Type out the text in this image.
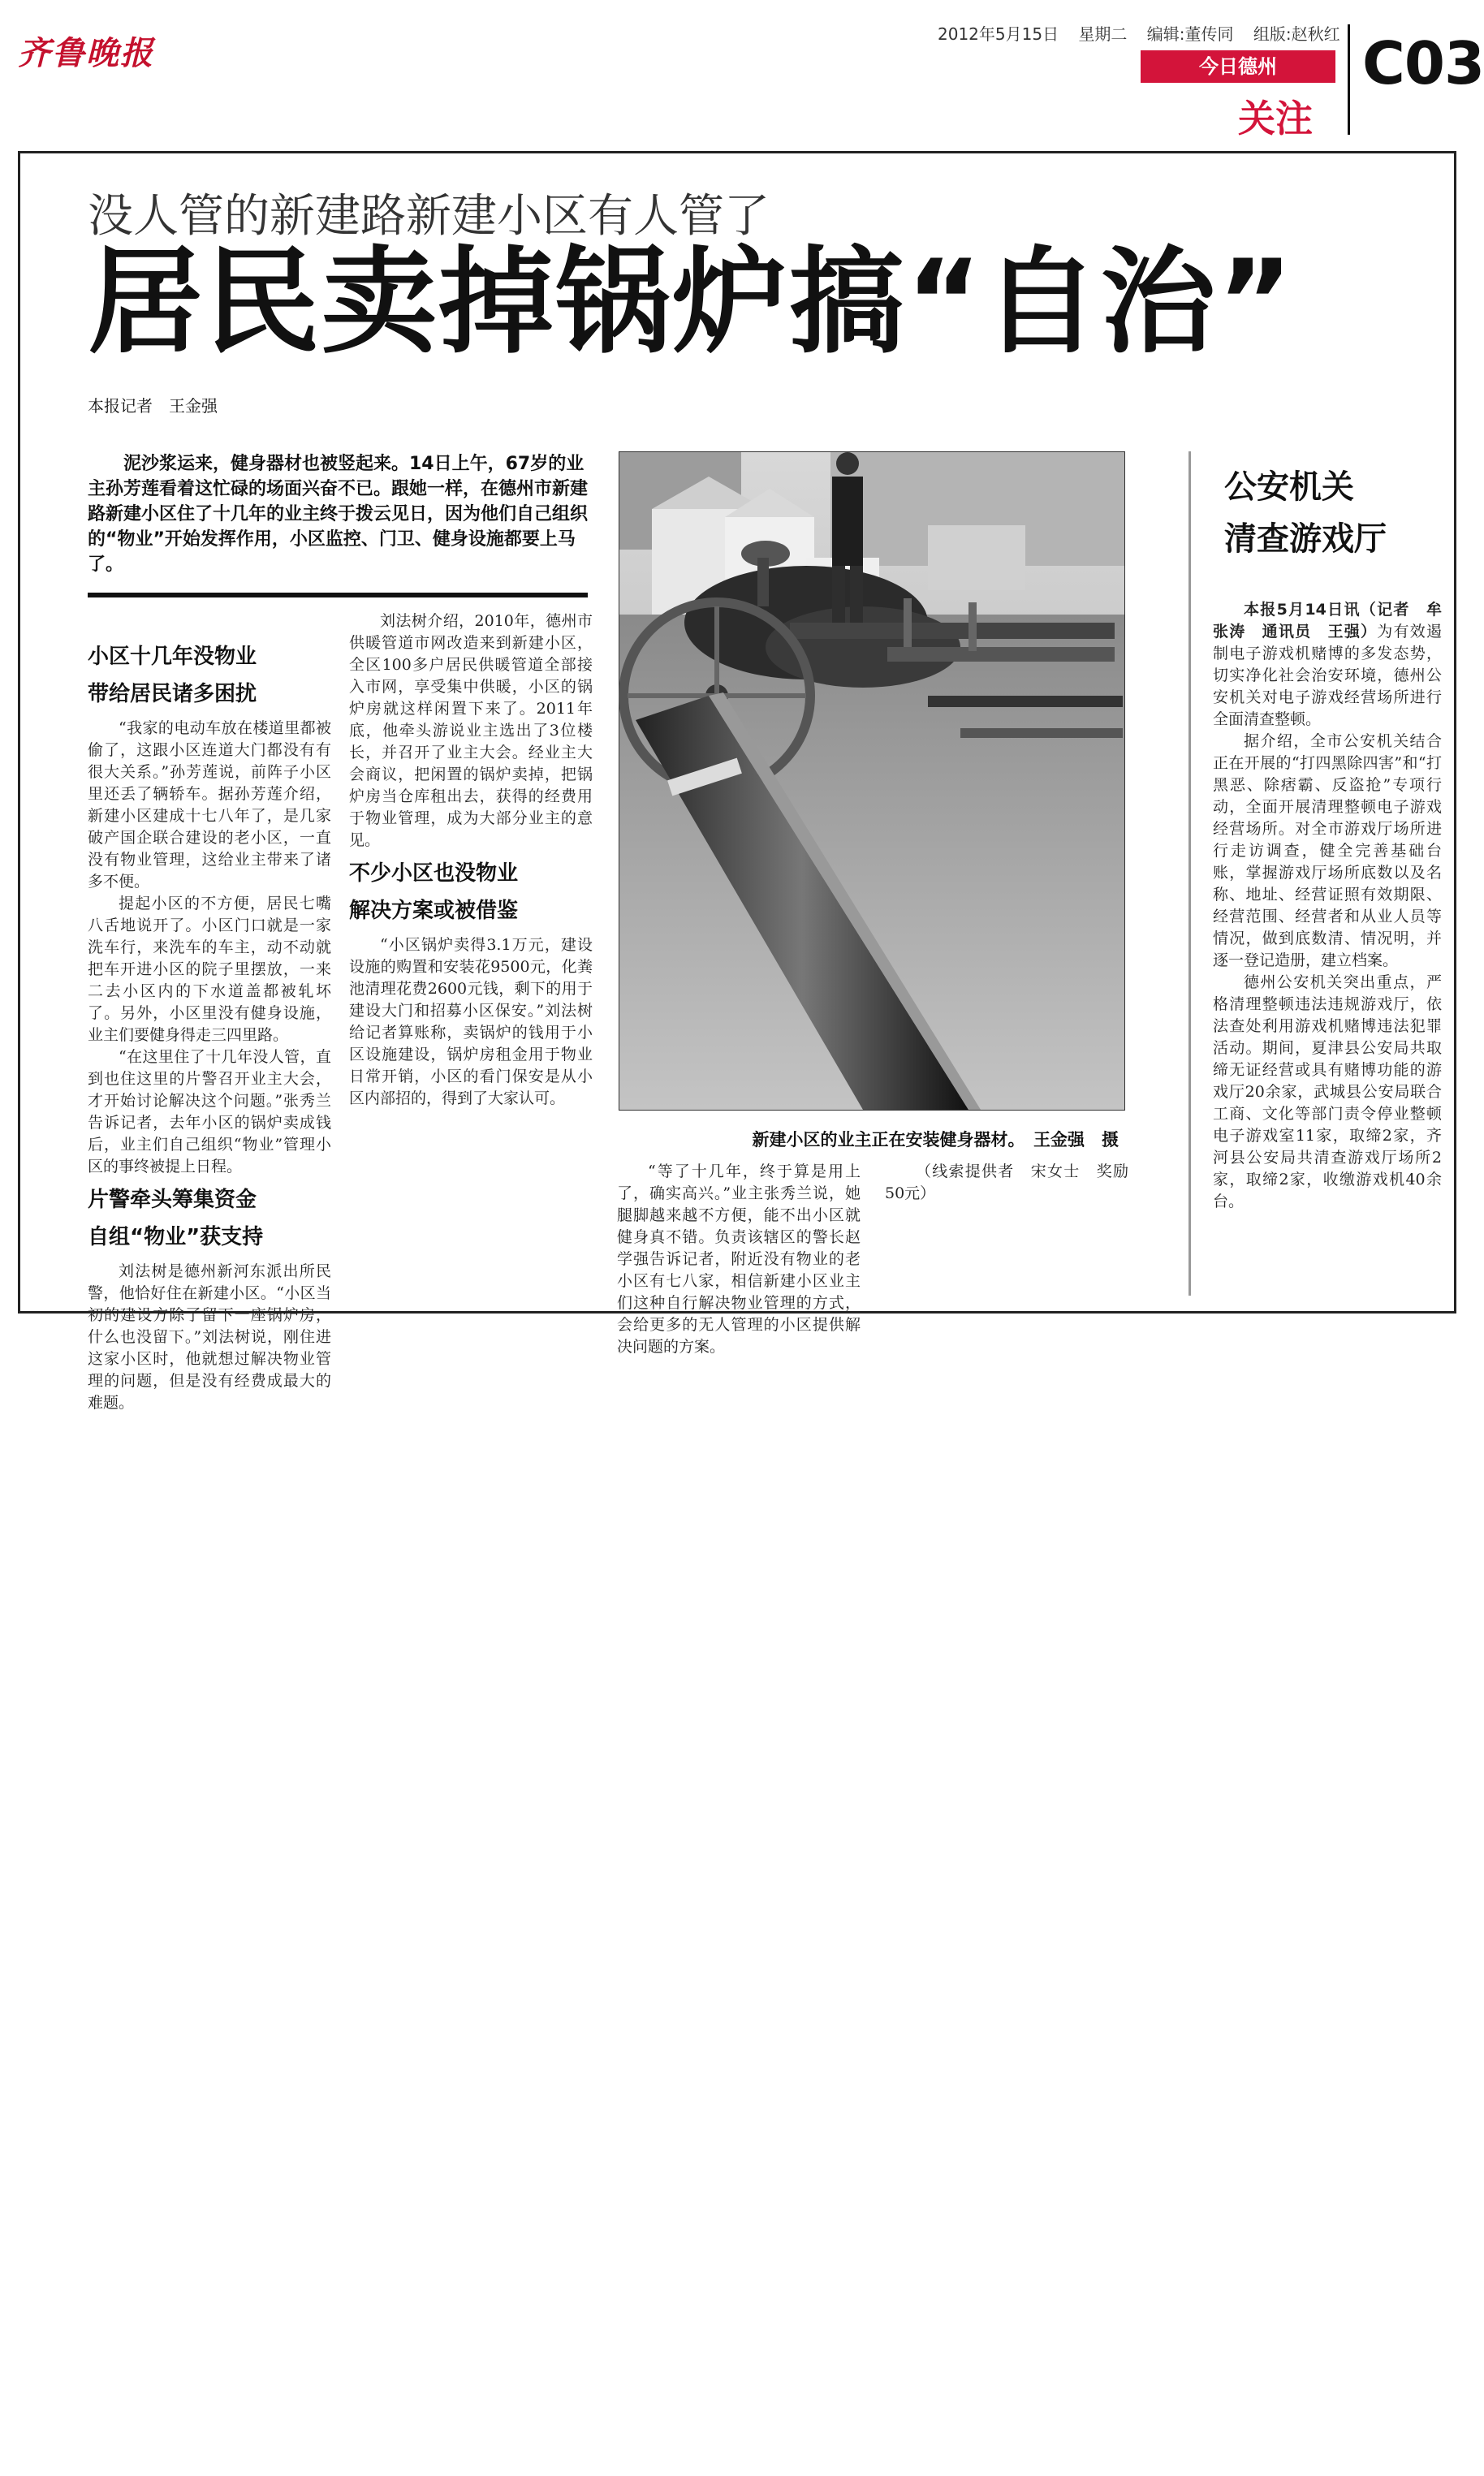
齐鲁晚报	2012年5月15日 星期二 编辑:董传同 组版:赵秋红
今日德州
关注
C03
没人管的新建路新建小区有人管了
居民卖掉锅炉搞“自治”
本报记者　王金强

泥沙浆运来，健身器材也被竖起来。14日上午，67岁的业主孙芳莲看着这忙碌的场面兴奋不已。跟她一样，在德州市新建路新建小区住了十几年的业主终于拨云见日，因为他们自己组织的“物业”开始发挥作用，小区监控、门卫、健身设施都要上马了。

小区十几年没物业
带给居民诸多困扰

“我家的电动车放在楼道里都被偷了，这跟小区连道大门都没有有很大关系。”孙芳莲说，前阵子小区里还丢了辆轿车。据孙芳莲介绍，新建小区建成十七八年了，是几家破产国企联合建设的老小区，一直没有物业管理，这给业主带来了诸多不便。

提起小区的不方便，居民七嘴八舌地说开了。小区门口就是一家洗车行，来洗车的车主，动不动就把车开进小区的院子里摆放，一来二去小区内的下水道盖都被轧坏了。另外，小区里没有健身设施，业主们要健身得走三四里路。

“在这里住了十几年没人管，直到也住这里的片警召开业主大会，才开始讨论解决这个问题。”张秀兰告诉记者，去年小区的锅炉卖成钱后，业主们自己组织“物业”管理小区的事终被提上日程。

片警牵头筹集资金
自组“物业”获支持

刘法树是德州新河东派出所民警，他恰好住在新建小区。“小区当初的建设方除了留下一座锅炉房，什么也没留下。”刘法树说，刚住进这家小区时，他就想过解决物业管理的问题，但是没有经费成最大的难题。

刘法树介绍，2010年，德州市供暖管道市网改造来到新建小区，全区100多户居民供暖管道全部接入市网，享受集中供暖，小区的锅炉房就这样闲置下来了。2011年底，他牵头游说业主选出了3位楼长，并召开了业主大会。经业主大会商议，把闲置的锅炉卖掉，把锅炉房当仓库租出去，获得的经费用于物业管理，成为大部分业主的意见。

不少小区也没物业
解决方案或被借鉴

“小区锅炉卖得3.1万元，建设设施的购置和安装花9500元，化粪池清理花费2600元钱，剩下的用于建设大门和招募小区保安。”刘法树给记者算账称，卖锅炉的钱用于小区设施建设，锅炉房租金用于物业日常开销，小区的看门保安是从小区内部招的，得到了大家认可。

新建小区的业主正在安装健身器材。　王金强　摄

“等了十几年，终于算是用上了，确实高兴。”业主张秀兰说，她腿脚越来越不方便，能不出小区就健身真不错。负责该辖区的警长赵学强告诉记者，附近没有物业的老小区有七八家，相信新建小区业主们这种自行解决物业管理的方式，会给更多的无人管理的小区提供解决问题的方案。

（线索提供者　宋女士　奖励50元）

公安机关
清查游戏厅

本报5月14日讯（记者　牟张涛　通讯员　王强）为有效遏制电子游戏机赌博的多发态势，切实净化社会治安环境，德州公安机关对电子游戏经营场所进行全面清查整顿。

据介绍，全市公安机关结合正在开展的“打四黑除四害”和“打黑恶、除痞霸、反盗抢”专项行动，全面开展清理整顿电子游戏经营场所。对全市游戏厅场所进行走访调查，健全完善基础台账，掌握游戏厅场所底数以及名称、地址、经营证照有效期限、经营范围、经营者和从业人员等情况，做到底数清、情况明，并逐一登记造册，建立档案。

德州公安机关突出重点，严格清理整顿违法违规游戏厅，依法查处利用游戏机赌博违法犯罪活动。期间，夏津县公安局共取缔无证经营或具有赌博功能的游戏厅20余家，武城县公安局联合工商、文化等部门责令停业整顿电子游戏室11家，取缔2家，齐河县公安局共清查游戏厅场所2家，取缔2家，收缴游戏机40余台。
